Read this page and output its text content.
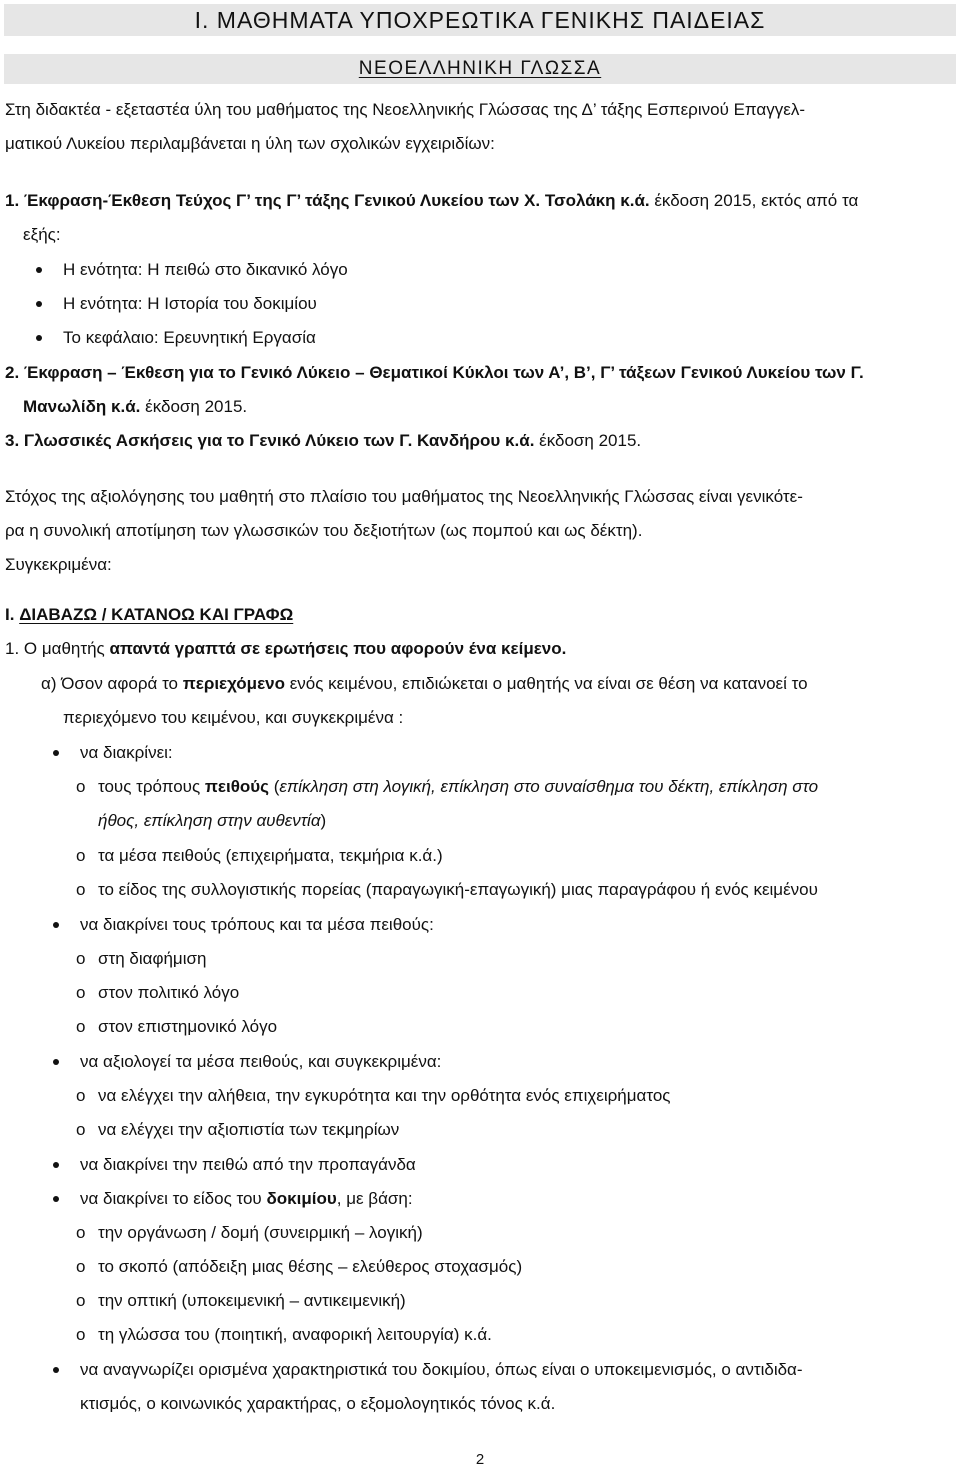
I. ΜΑΘΗΜΑΤΑ ΥΠΟΧΡΕΩΤΙΚΑ ΓΕΝΙΚΗΣ ΠΑΙΔΕΙΑΣ
ΝΕΟΕΛΛΗΝΙΚΗ ΓΛΩΣΣΑ
Στη διδακτέα - εξεταστέα ύλη του μαθήματος της Νεοελληνικής Γλώσσας της Δ’ τάξης Εσπερινού Επαγγελ-
ματικού Λυκείου περιλαμβάνεται η ύλη των σχολικών εγχειριδίων:
1. Έκφραση-Έκθεση Τεύχος Γ’ της Γ’ τάξης Γενικού Λυκείου των Χ. Τσολάκη κ.ά. έκδοση 2015, εκτός από τα
εξής:
Η ενότητα: Η πειθώ στο δικανικό λόγο
Η ενότητα: Η Ιστορία του δοκιμίου
Το κεφάλαιο: Ερευνητική Εργασία
2. Έκφραση – Έκθεση για το Γενικό Λύκειο – Θεματικοί Κύκλοι των Α’, Β’, Γ’ τάξεων Γενικού Λυκείου των Γ.
Μανωλίδη κ.ά. έκδοση 2015.
3. Γλωσσικές Ασκήσεις για το Γενικό Λύκειο των Γ. Κανδήρου κ.ά. έκδοση 2015.
Στόχος της αξιολόγησης του μαθητή στο πλαίσιο του μαθήματος της Νεοελληνικής Γλώσσας είναι γενικότε-
ρα η συνολική αποτίμηση των γλωσσικών του δεξιοτήτων (ως πομπού και ως δέκτη).
Συγκεκριμένα:
I. ΔΙΑΒΑΖΩ / ΚΑΤΑΝΟΩ ΚΑΙ ΓΡΑΦΩ
1. Ο μαθητής απαντά γραπτά σε ερωτήσεις που αφορούν ένα κείμενο.
α) Όσον αφορά το περιεχόμενο ενός κειμένου, επιδιώκεται ο μαθητής να είναι σε θέση να κατανοεί το
περιεχόμενο του κειμένου, και συγκεκριμένα :
να διακρίνει:
o τους τρόπους πειθούς (επίκληση στη λογική, επίκληση στο συναίσθημα του δέκτη, επίκληση στο
ήθος, επίκληση στην αυθεντία)
o τα μέσα πειθούς (επιχειρήματα, τεκμήρια κ.ά.)
o το είδος της συλλογιστικής πορείας (παραγωγική-επαγωγική) μιας παραγράφου ή ενός κειμένου
να διακρίνει τους τρόπους και τα μέσα πειθούς:
o στη διαφήμιση
o στον πολιτικό λόγο
o στον επιστημονικό λόγο
να αξιολογεί τα μέσα πειθούς, και συγκεκριμένα:
o να ελέγχει την αλήθεια, την εγκυρότητα και την ορθότητα ενός επιχειρήματος
o να ελέγχει την αξιοπιστία των τεκμηρίων
να διακρίνει την πειθώ από την προπαγάνδα
να διακρίνει το είδος του δοκιμίου, με βάση:
o την οργάνωση / δομή (συνειρμική – λογική)
o το σκοπό (απόδειξη μιας θέσης – ελεύθερος στοχασμός)
o την οπτική (υποκειμενική – αντικειμενική)
o τη γλώσσα του (ποιητική, αναφορική λειτουργία) κ.ά.
να αναγνωρίζει ορισμένα χαρακτηριστικά του δοκιμίου, όπως είναι ο υποκειμενισμός, ο αντιδιδα-
κτισμός, ο κοινωνικός χαρακτήρας, ο εξομολογητικός τόνος κ.ά.
2
